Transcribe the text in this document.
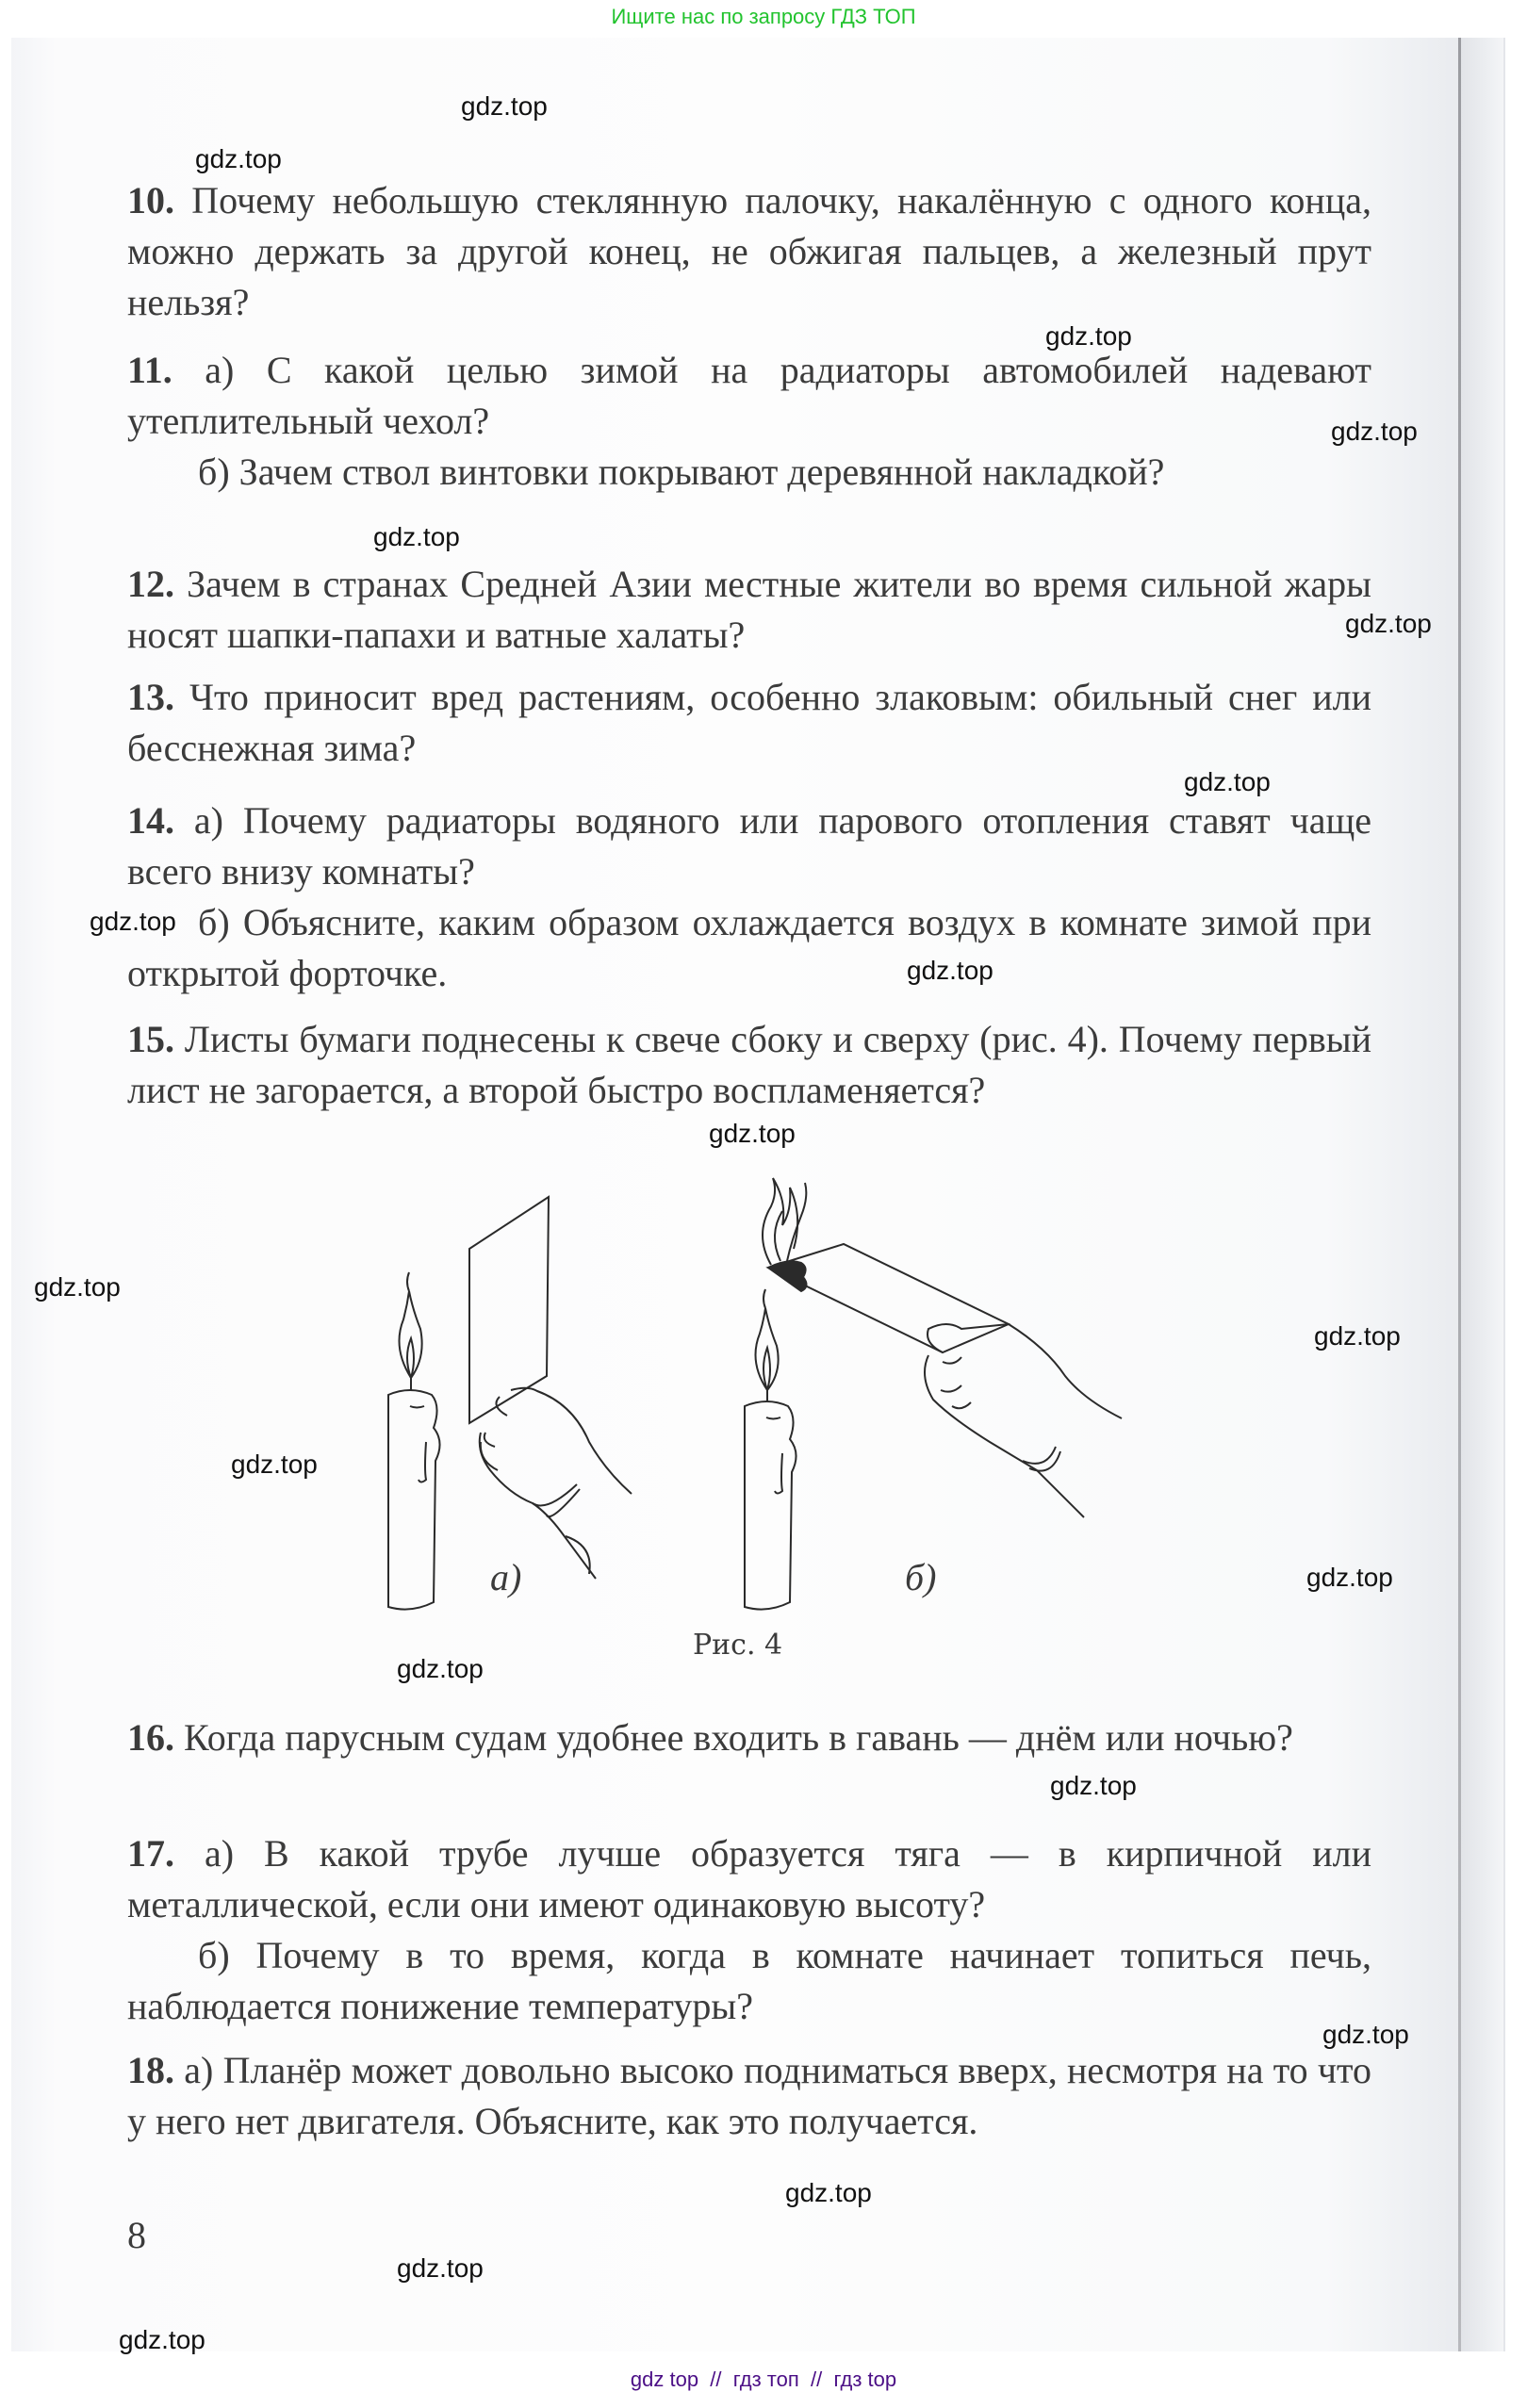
Ищите нас по запросу ГДЗ ТОП

10. Почему небольшую стеклянную палочку, накалённую с одного конца, можно держать за другой конец, не обжигая пальцев, а железный прут нельзя?

11. а) С какой целью зимой на радиаторы автомобилей надевают утеплительный чехол?

б) Зачем ствол винтовки покрывают деревянной накладкой?

12. Зачем в странах Средней Азии местные жители во время сильной жары носят шапки-папахи и ватные халаты?

13. Что приносит вред растениям, особенно злаковым: обильный снег или бесснежная зима?

14. а) Почему радиаторы водяного или парового отопления ставят чаще всего внизу комнаты?

б) Объясните, каким образом охлаждается воздух в комнате зимой при открытой форточке.

15. Листы бумаги поднесены к свече сбоку и сверху (рис. 4). Почему первый лист не загорается, а второй быстро воспламеняется?

а)	б)
Рис. 4

16. Когда парусным судам удобнее входить в гавань — днём или ночью?

17. а) В какой трубе лучше образуется тяга — в кирпичной или металлической, если они имеют одинаковую высоту?

б) Почему в то время, когда в комнате начинает топиться печь, наблюдается понижение температуры?

18. а) Планёр может довольно высоко подниматься вверх, несмотря на то что у него нет двигателя. Объясните, как это получается.

8
gdz.top
gdz.top
gdz.top
gdz.top
gdz.top
gdz.top
gdz.top
gdz.top
gdz.top
gdz.top
gdz.top
gdz.top
gdz.top
gdz.top
gdz.top
gdz.top
gdz.top
gdz.top
gdz.top
gdz.top
gdz top  //  гдз топ  //  гдз top
